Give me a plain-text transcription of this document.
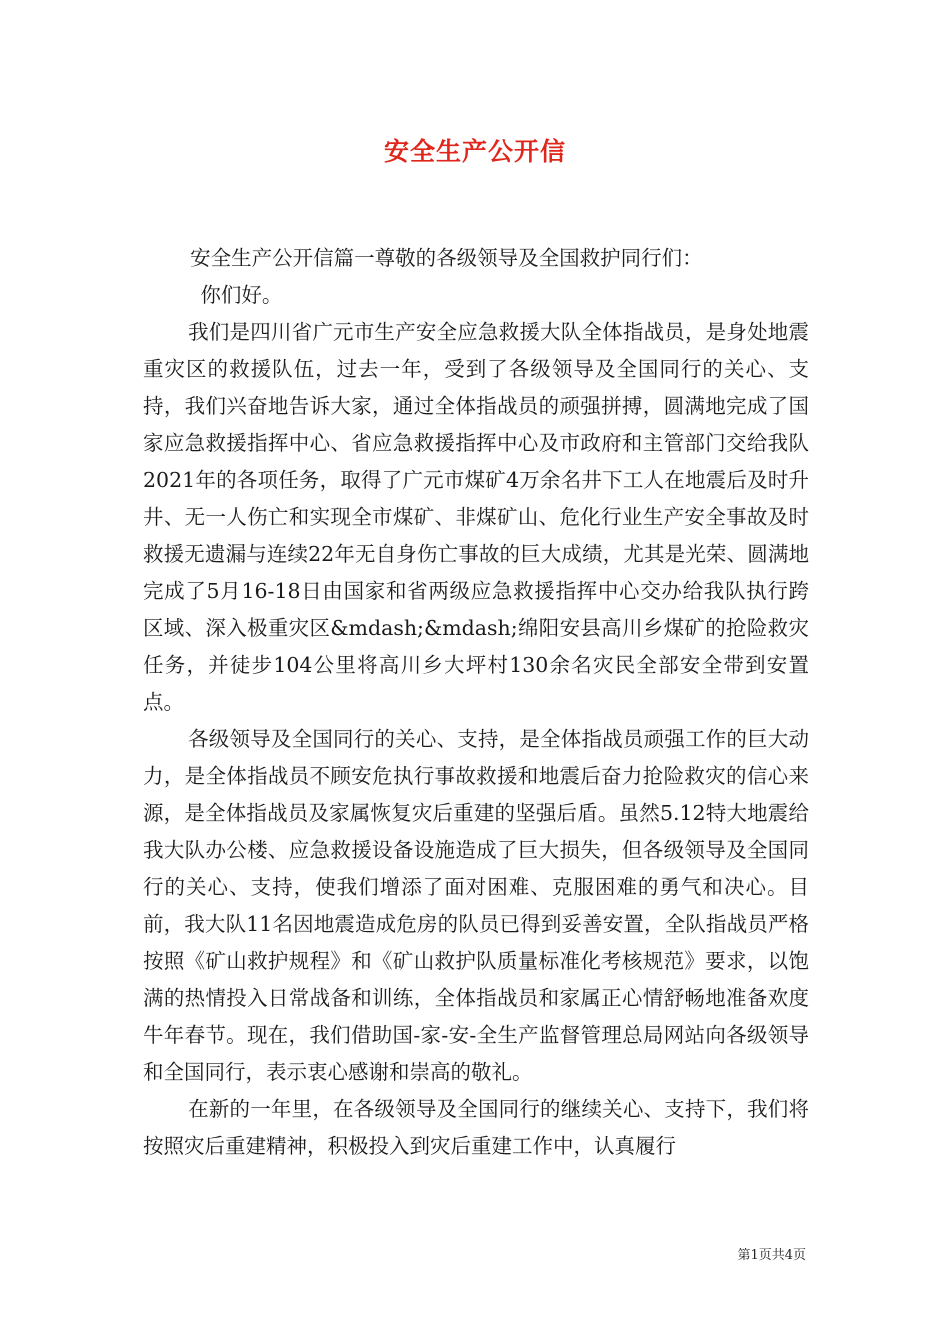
安全生产公开信

安全生产公开信篇一尊敬的各级领导及全国救护同行们：

你们好。

我们是四川省广元市生产安全应急救援大队全体指战员，是身处地震重灾区的救援队伍，过去一年，受到了各级领导及全国同行的关心、支持，我们兴奋地告诉大家，通过全体指战员的顽强拼搏，圆满地完成了国家应急救援指挥中心、省应急救援指挥中心及市政府和主管部门交给我队2021年的各项任务，取得了广元市煤矿4万余名井下工人在地震后及时升井、无一人伤亡和实现全市煤矿、非煤矿山、危化行业生产安全事故及时救援无遗漏与连续22年无自身伤亡事故的巨大成绩，尤其是光荣、圆满地完成了5月16-18日由国家和省两级应急救援指挥中心交办给我队执行跨区域、深入极重灾区&mdash;&mdash;绵阳安县高川乡煤矿的抢险救灾任务，并徒步104公里将高川乡大坪村130余名灾民全部安全带到安置点。

各级领导及全国同行的关心、支持，是全体指战员顽强工作的巨大动力，是全体指战员不顾安危执行事故救援和地震后奋力抢险救灾的信心来源，是全体指战员及家属恢复灾后重建的坚强后盾。虽然5.12特大地震给我大队办公楼、应急救援设备设施造成了巨大损失，但各级领导及全国同行的关心、支持，使我们增添了面对困难、克服困难的勇气和决心。目前，我大队11名因地震造成危房的队员已得到妥善安置，全队指战员严格按照《矿山救护规程》和《矿山救护队质量标准化考核规范》要求，以饱满的热情投入日常战备和训练，全体指战员和家属正心情舒畅地准备欢度牛年春节。现在，我们借助国-家-安-全生产监督管理总局网站向各级领导和全国同行，表示衷心感谢和崇高的敬礼。

在新的一年里，在各级领导及全国同行的继续关心、支持下，我们将按照灾后重建精神，积极投入到灾后重建工作中，认真履行

第1页共4页
